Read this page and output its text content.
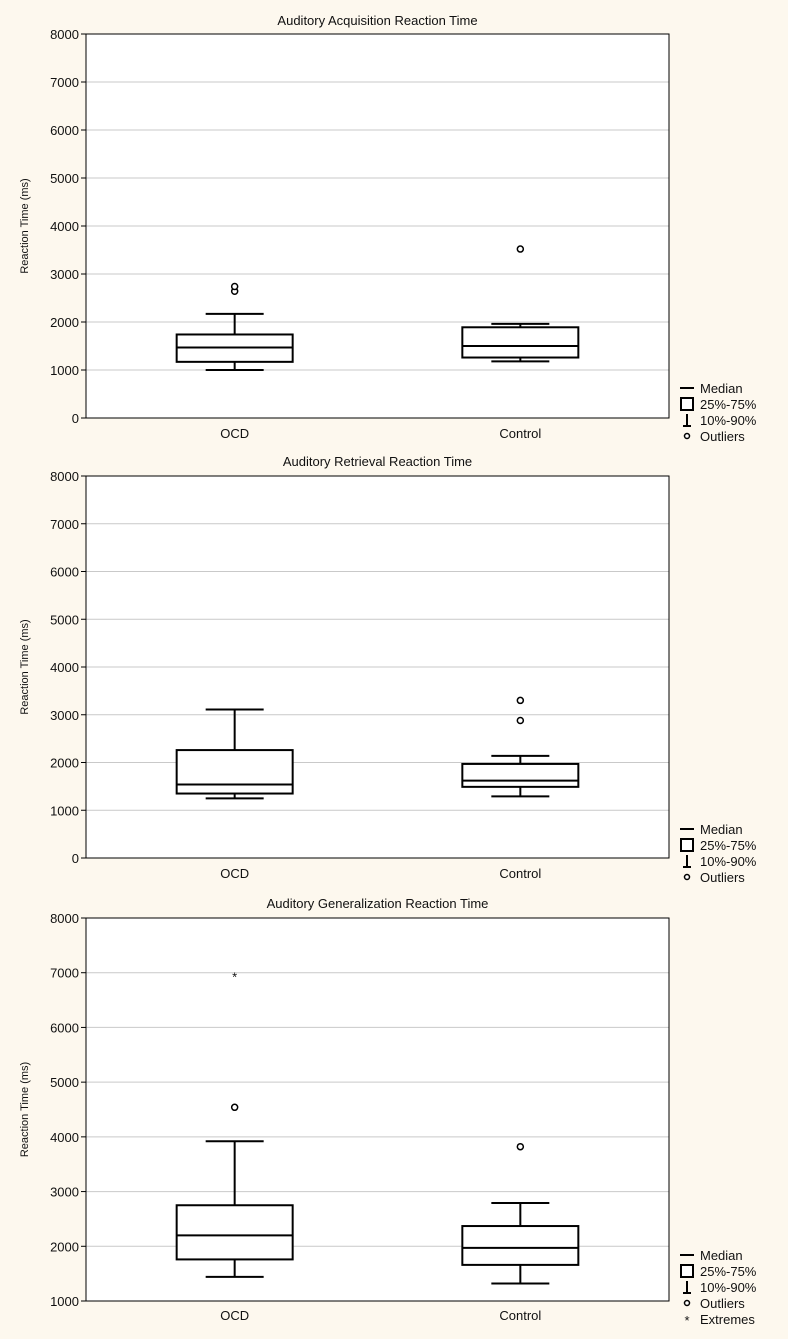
Auditory Acquisition Reaction Time
0
1000
2000
3000
4000
5000
6000
7000
8000
Reaction Time (ms)
OCD	Control
Median
25%-75%
10%-90%
Outliers
Auditory Retrieval Reaction Time
0
1000
2000
3000
4000
5000
6000
7000
8000
Reaction Time (ms)
OCD	Control
Median
25%-75%
10%-90%
Outliers
Auditory Generalization Reaction Time
1000
2000
3000
4000
5000
6000
7000
8000
Reaction Time (ms)
*
OCD	Control
Median
25%-75%
10%-90%
Outliers
* Extremes
